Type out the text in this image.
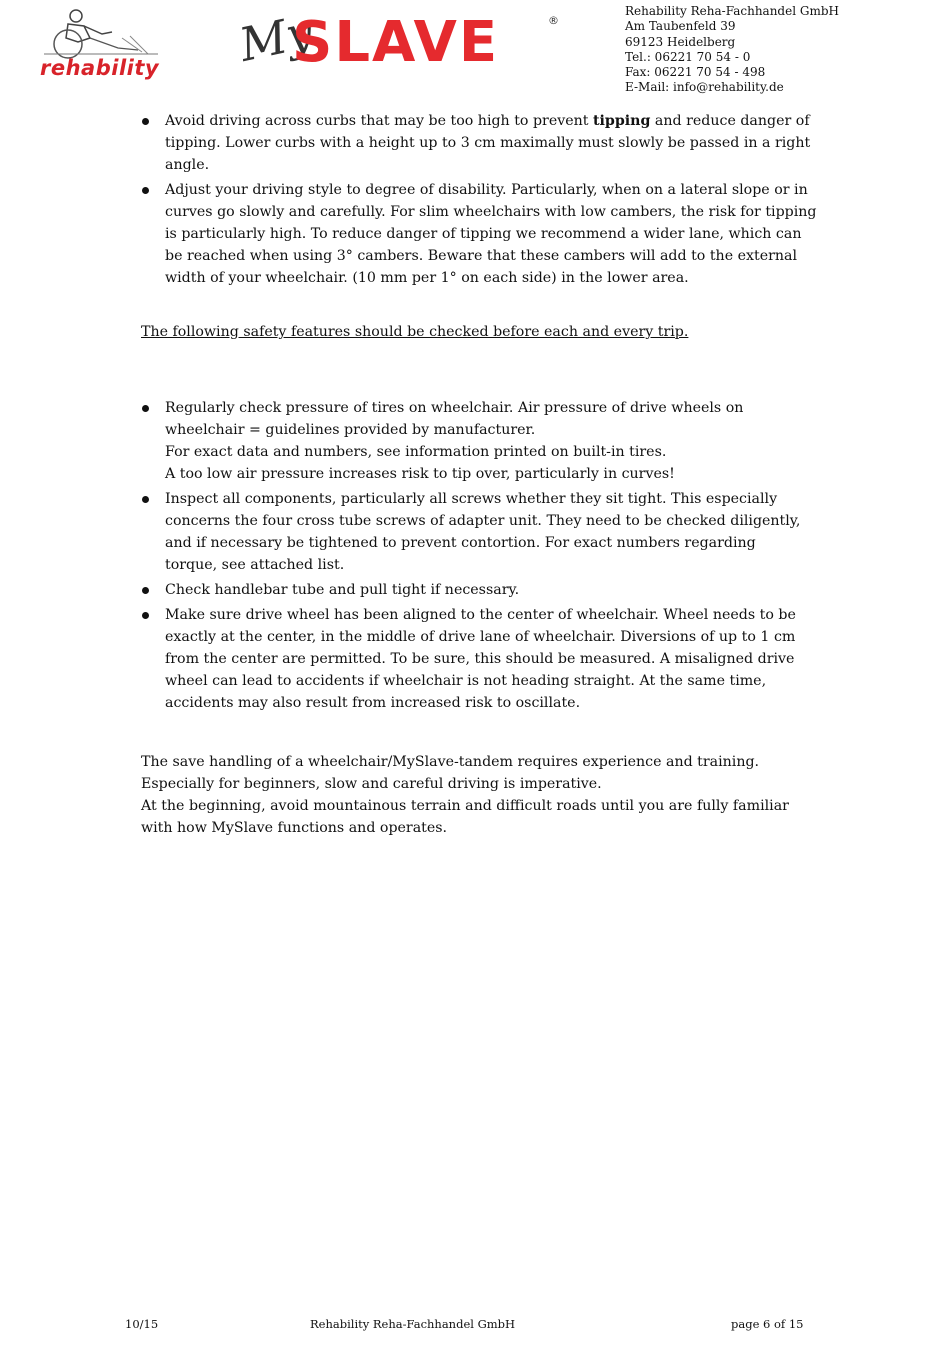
rehability My
SLAVE	®
Rehability Reha-Fachhandel GmbH
Am Taubenfeld 39
69123 Heidelberg
Tel.: 06221 70 54 - 0
Fax: 06221 70 54 - 498
E-Mail: info@rehability.de
Avoid driving across curbs that may be too high to prevent tipping and reduce danger of
tipping. Lower curbs with a height up to 3 cm maximally must slowly be passed in a right
angle.
Adjust your driving style to degree of disability. Particularly, when on a lateral slope or in
curves go slowly and carefully. For slim wheelchairs with low cambers, the risk for tipping
is particularly high. To reduce danger of tipping we recommend a wider lane, which can
be reached when using 3° cambers. Beware that these cambers will add to the external
width of your wheelchair. (10 mm per 1° on each side) in the lower area.
The following safety features should be checked before each and every trip.
Regularly check pressure of tires on wheelchair. Air pressure of drive wheels on
wheelchair = guidelines provided by manufacturer.
For exact data and numbers, see information printed on built-in tires.
A too low air pressure increases risk to tip over, particularly in curves!
Inspect all components, particularly all screws whether they sit tight. This especially
concerns the four cross tube screws of adapter unit. They need to be checked diligently,
and if necessary be tightened to prevent contortion. For exact numbers regarding
torque, see attached list.
Check handlebar tube and pull tight if necessary.
Make sure drive wheel has been aligned to the center of wheelchair. Wheel needs to be
exactly at the center, in the middle of drive lane of wheelchair. Diversions of up to 1 cm
from the center are permitted. To be sure, this should be measured. A misaligned drive
wheel can lead to accidents if wheelchair is not heading straight. At the same time,
accidents may also result from increased risk to oscillate.
The save handling of a wheelchair/MySlave-tandem requires experience and training.
Especially for beginners, slow and careful driving is imperative.
At the beginning, avoid mountainous terrain and difficult roads until you are fully familiar
with how MySlave functions and operates.
10/15	Rehability Reha-Fachhandel GmbH	page 6 of 15
